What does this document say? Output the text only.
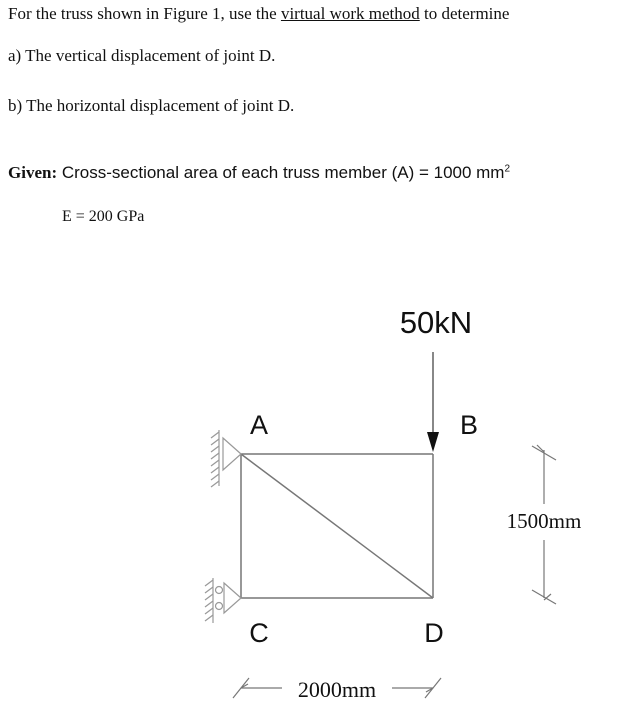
For the truss shown in Figure 1, use the virtual work method to determine
a) The vertical displacement of joint D.
b) The horizontal displacement of joint D.
Given: Cross-sectional area of each truss member (A) = 1000 $mm^2$
E = 200 GPa
50kN
A	B
C	D
1500mm
2000mm
